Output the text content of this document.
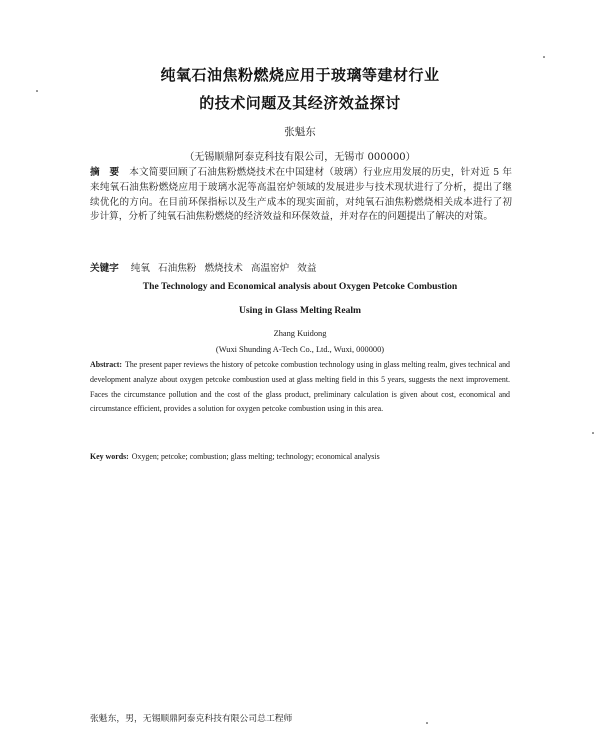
纯氧石油焦粉燃烧应用于玻璃等建材行业
的技术问题及其经济效益探讨
张魁东
（无锡顺鼎阿泰克科技有限公司，无锡市 000000）
摘　要 本文简要回顾了石油焦粉燃烧技术在中国建材（玻璃）行业应用发展的历史，针对近 5 年来纯氧石油焦粉燃烧应用于玻璃水泥等高温窑炉领域的发展进步与技术现状进行了分析，提出了继续优化的方向。在目前环保指标以及生产成本的现实面前，对纯氧石油焦粉燃烧相关成本进行了初步计算，分析了纯氧石油焦粉燃烧的经济效益和环保效益，并对存在的问题提出了解决的对策。
关键字 纯氧 石油焦粉 燃烧技术 高温窑炉 效益
The Technology and Economical analysis about Oxygen Petcoke Combustion
Using in Glass Melting Realm
Zhang Kuidong
(Wuxi Shunding A-Tech Co., Ltd., Wuxi, 000000)
Abstract: The present paper reviews the history of petcoke combustion technology using in glass melting realm, gives technical and development analyze about oxygen petcoke combustion used at glass melting field in this 5 years, suggests the next improvement. Faces the circumstance pollution and the cost of the glass product, preliminary calculation is given about cost, economical and circumstance efficient, provides a solution for oxygen petcoke combustion using in this area.
Key words: Oxygen; petcoke; combustion; glass melting; technology; economical analysis
张魁东，男，无锡顺鼎阿泰克科技有限公司总工程师
